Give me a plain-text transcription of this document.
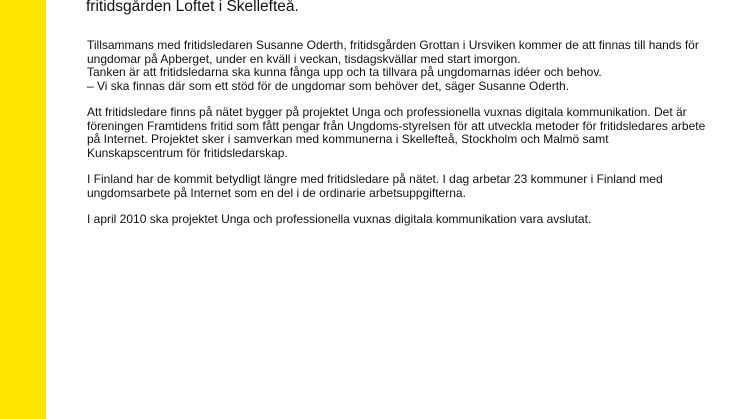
fritidsgården Loftet i Skellefteå.

Tillsammans med fritidsledaren Susanne Oderth, fritidsgården Grottan i Ursviken kommer de att finnas till hands för ungdomar på Apberget, under en kväll i veckan, tisdagskvällar med start imorgon.

Tanken är att fritidsledarna ska kunna fånga upp och ta tillvara på ungdomarnas idéer och behov.

– Vi ska finnas där som ett stöd för de ungdomar som behöver det, säger Susanne Oderth.

Att fritidsledare finns på nätet bygger på projektet Unga och professionella vuxnas digitala kommunikation. Det är föreningen Framtidens fritid som fått pengar från Ungdoms-styrelsen för att utveckla metoder för fritidsledares arbete på Internet. Projektet sker i samverkan med kommunerna i Skellefteå, Stockholm och Malmö samt Kunskapscentrum för fritidsledarskap.

I Finland har de kommit betydligt längre med fritidsledare på nätet. I dag arbetar 23 kommuner i Finland med ungdomsarbete på Internet som en del i de ordinarie arbetsuppgifterna.

I april 2010 ska projektet Unga och professionella vuxnas digitala kommunikation vara avslutat.
